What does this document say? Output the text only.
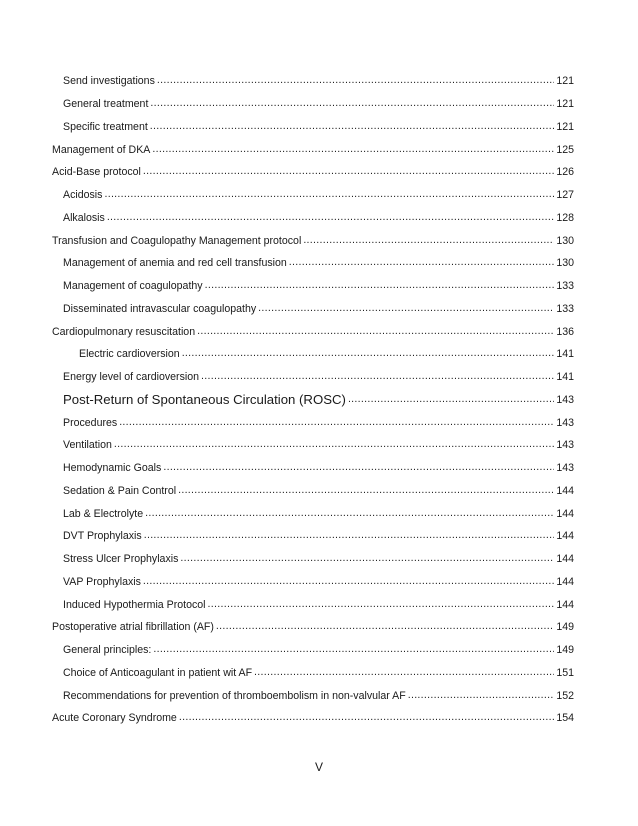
Send investigations .....	121
General treatment .....	121
Specific treatment .....	121
Management of DKA .....	125
Acid-Base protocol .....	126
Acidosis .....	127
Alkalosis .....	128
Transfusion and Coagulopathy Management protocol .....	130
Management of anemia and red cell transfusion .....	130
Management of coagulopathy .....	133
Disseminated intravascular coagulopathy .....	133
Cardiopulmonary resuscitation .....	136
Electric cardioversion .....	141
Energy level of cardioversion .....	141
Post-Return of Spontaneous Circulation (ROSC) .....	143
Procedures .....	143
Ventilation .....	143
Hemodynamic Goals .....	143
Sedation & Pain Control .....	144
Lab & Electrolyte .....	144
DVT Prophylaxis .....	144
Stress Ulcer Prophylaxis .....	144
VAP Prophylaxis .....	144
Induced Hypothermia Protocol .....	144
Postoperative atrial fibrillation (AF) .....	149
General principles: .....	149
Choice of Anticoagulant in patient wit AF .....	151
Recommendations for prevention of thromboembolism in non-valvular AF .....	152
Acute Coronary Syndrome .....	154
V
